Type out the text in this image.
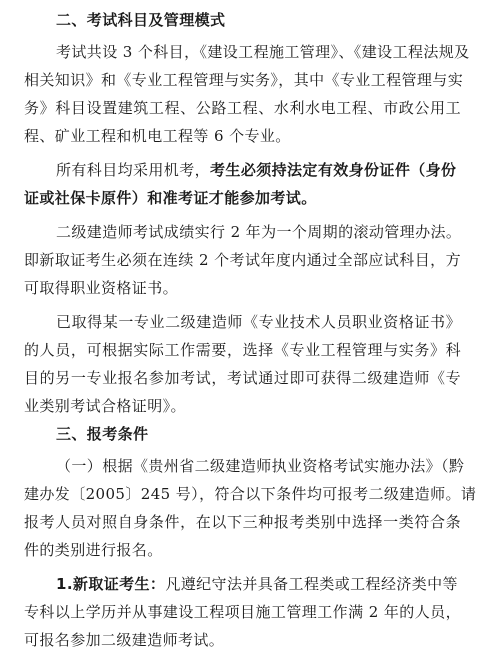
二、考试科目及管理模式
考试共设 3 个科目，《建设工程施工管理》、《建设工程法规及
相关知识》和《专业工程管理与实务》，其中《专业工程管理与实
务》科目设置建筑工程、公路工程、水利水电工程、市政公用工
程、矿业工程和机电工程等 6 个专业。
所有科目均采用机考，考生必须持法定有效身份证件（身份
证或社保卡原件）和准考证才能参加考试。
二级建造师考试成绩实行 2 年为一个周期的滚动管理办法。
即新取证考生必须在连续 2 个考试年度内通过全部应试科目，方
可取得职业资格证书。
已取得某一专业二级建造师《专业技术人员职业资格证书》
的人员，可根据实际工作需要，选择《专业工程管理与实务》科
目的另一专业报名参加考试，考试通过即可获得二级建造师《专
业类别考试合格证明》。
三、报考条件
（一）根据《贵州省二级建造师执业资格考试实施办法》（黔
建办发〔2005〕245 号），符合以下条件均可报考二级建造师。请
报考人员对照自身条件，在以下三种报考类别中选择一类符合条
件的类别进行报名。
1.新取证考生：凡遵纪守法并具备工程类或工程经济类中等
专科以上学历并从事建设工程项目施工管理工作满 2 年的人员，
可报名参加二级建造师考试。
